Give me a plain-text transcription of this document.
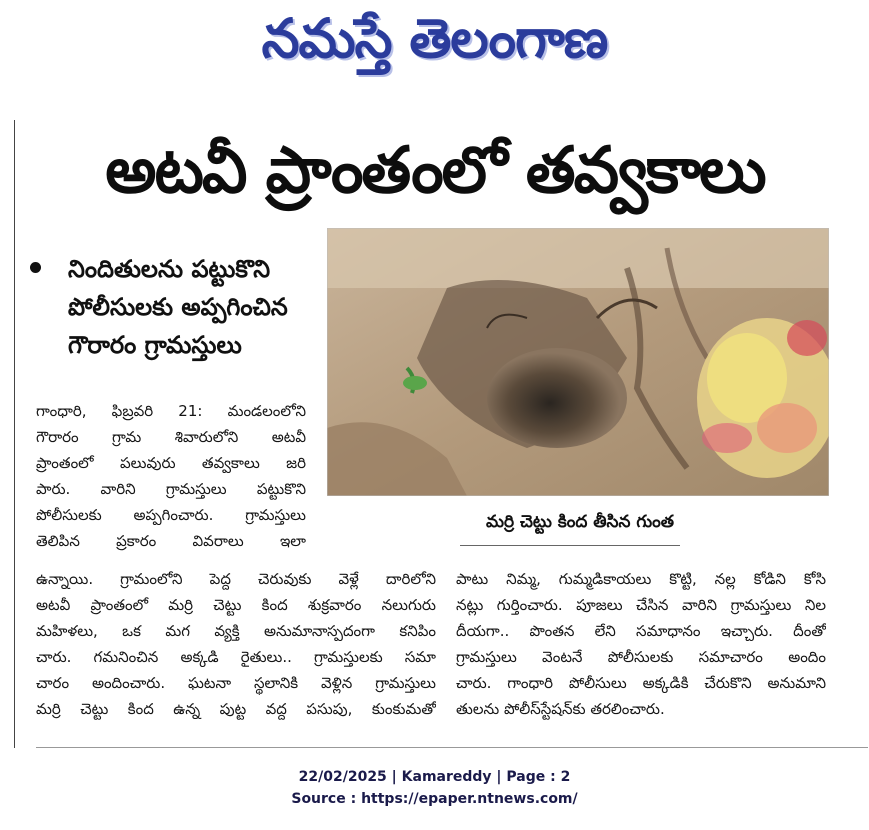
నమస్తే తెలంగాణ
అటవీ ప్రాంతంలో తవ్వకాలు
నిందితులను పట్టుకొని
పోలీసులకు అప్పగించిన
గౌరారం గ్రామస్తులు
మర్రి చెట్టు కింద తీసిన గుంత
గాంధారి, ఫిబ్రవరి 21: మండలంలోని
గౌరారం గ్రామ శివారులోని అటవీ
ప్రాంతంలో పలువురు తవ్వకాలు జరి
పారు. వారిని గ్రామస్తులు పట్టుకొని
పోలీసులకు అప్పగించారు. గ్రామస్తులు
తెలిపిన ప్రకారం వివరాలు ఇలా
ఉన్నాయి. గ్రామంలోని పెద్ద చెరువుకు వెళ్లే దారిలోని
అటవీ ప్రాంతంలో మర్రి చెట్టు కింద శుక్రవారం నలుగురు
మహిళలు, ఒక మగ వ్యక్తి అనుమానాస్పదంగా కనిపిం
చారు. గమనించిన అక్కడి రైతులు.. గ్రామస్తులకు సమా
చారం అందించారు. ఘటనా స్థలానికి వెళ్లిన గ్రామస్తులు
మర్రి చెట్టు కింద ఉన్న పుట్ట వద్ద పసుపు, కుంకుమతో
పాటు నిమ్మ, గుమ్మడికాయలు కొట్టి, నల్ల కోడిని కోసి
నట్లు గుర్తించారు. పూజలు చేసిన వారిని గ్రామస్తులు నిల
దీయగా.. పొంతన లేని సమాధానం ఇచ్చారు. దీంతో
గ్రామస్తులు వెంటనే పోలీసులకు సమాచారం అందిం
చారు. గాంధారి పోలీసులు అక్కడికి చేరుకొని అనుమాని
తులను పోలీస్‌స్టేషన్‌కు తరలించారు.
22/02/2025 | Kamareddy | Page : 2
Source : https://epaper.ntnews.com/
